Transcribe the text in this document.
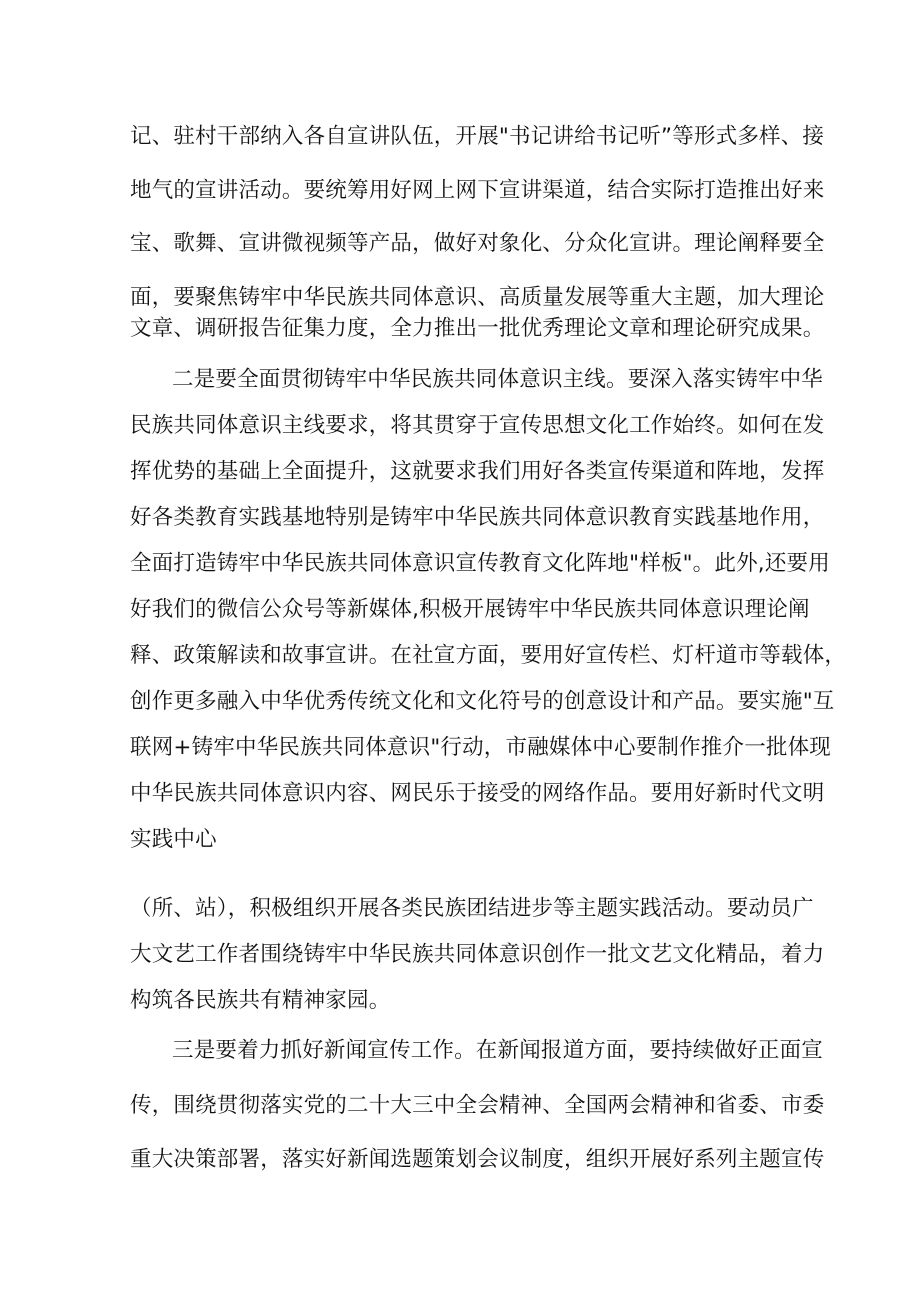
记、驻村干部纳入各自宣讲队伍，开展"书记讲给书记听”等形式多样、接
地气的宣讲活动。要统筹用好网上网下宣讲渠道，结合实际打造推出好来
宝、歌舞、宣讲微视频等产品，做好对象化、分众化宣讲。理论阐释要全
面，要聚焦铸牢中华民族共同体意识、高质量发展等重大主题，加大理论
文章、调研报告征集力度，全力推出一批优秀理论文章和理论研究成果。
二是要全面贯彻铸牢中华民族共同体意识主线。要深入落实铸牢中华
民族共同体意识主线要求，将其贯穿于宣传思想文化工作始终。如何在发
挥优势的基础上全面提升，这就要求我们用好各类宣传渠道和阵地，发挥
好各类教育实践基地特别是铸牢中华民族共同体意识教育实践基地作用，
全面打造铸牢中华民族共同体意识宣传教育文化阵地"样板"。此外,还要用
好我们的微信公众号等新媒体,积极开展铸牢中华民族共同体意识理论阐
释、政策解读和故事宣讲。在社宣方面，要用好宣传栏、灯杆道市等载体，
创作更多融入中华优秀传统文化和文化符号的创意设计和产品。要实施"互
联网+铸牢中华民族共同体意识"行动，市融媒体中心要制作推介一批体现
中华民族共同体意识内容、网民乐于接受的网络作品。要用好新时代文明
实践中心
（所、站），积极组织开展各类民族团结进步等主题实践活动。要动员广
大文艺工作者围绕铸牢中华民族共同体意识创作一批文艺文化精品，着力
构筑各民族共有精神家园。
三是要着力抓好新闻宣传工作。在新闻报道方面，要持续做好正面宣
传，围绕贯彻落实党的二十大三中全会精神、全国两会精神和省委、市委
重大决策部署，落实好新闻选题策划会议制度，组织开展好系列主题宣传
